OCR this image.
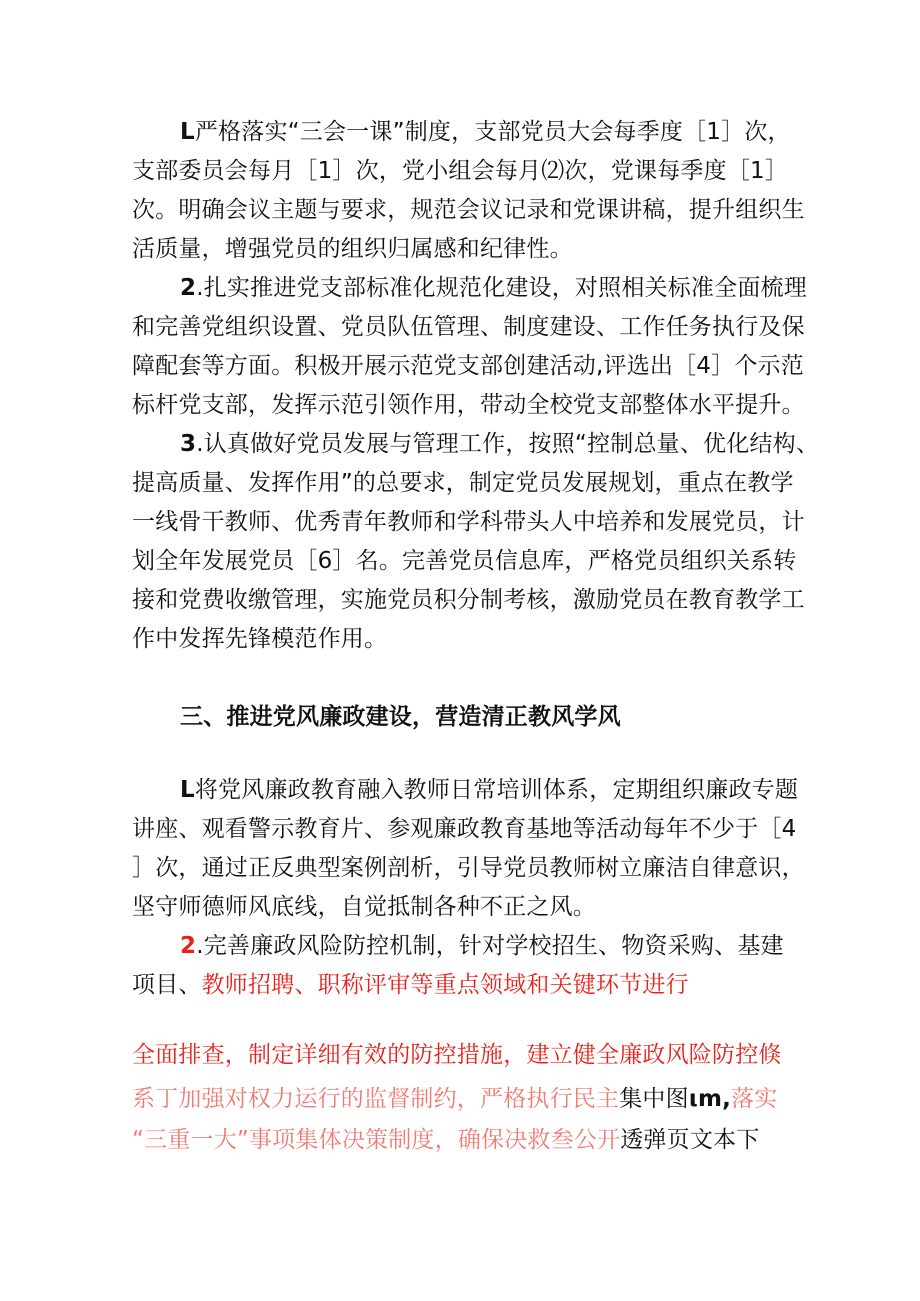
L严格落实“三会一课”制度，支部党员大会每季度［1］次，
支部委员会每月［1］次，党小组会每月⑵次，党课每季度［1］
次。明确会议主题与要求，规范会议记录和党课讲稿，提升组织生
活质量，增强党员的组织归属感和纪律性。
2.扎实推进党支部标准化规范化建设，对照相关标准全面梳理
和完善党组织设置、党员队伍管理、制度建设、工作任务执行及保
障配套等方面。积极开展示范党支部创建活动,评选出［4］个示范
标杆党支部，发挥示范引领作用，带动全校党支部整体水平提升。
3.认真做好党员发展与管理工作，按照“控制总量、优化结构、
提高质量、发挥作用”的总要求，制定党员发展规划，重点在教学
一线骨干教师、优秀青年教师和学科带头人中培养和发展党员，计
划全年发展党员［6］名。完善党员信息库，严格党员组织关系转
接和党费收缴管理，实施党员积分制考核，激励党员在教育教学工
作中发挥先锋模范作用。
三、推进党风廉政建设，营造清正教风学风
L将党风廉政教育融入教师日常培训体系，定期组织廉政专题
讲座、观看警示教育片、参观廉政教育基地等活动每年不少于［4
］次，通过正反典型案例剖析，引导党员教师树立廉洁自律意识，
坚守师德师风底线，自觉抵制各种不正之风。
2.完善廉政风险防控机制，针对学校招生、物资采购、基建
项目、教师招聘、职称评审等重点领域和关键环节进行
全面排查，制定详细有效的防控措施，建立健全廉政风险防控倏
系丁加强对权力运行的监督制约，严格执行民主集中图ιm,落实
“三重一大”事项集体决策制度，确保决救叁公开透弹页文本下
